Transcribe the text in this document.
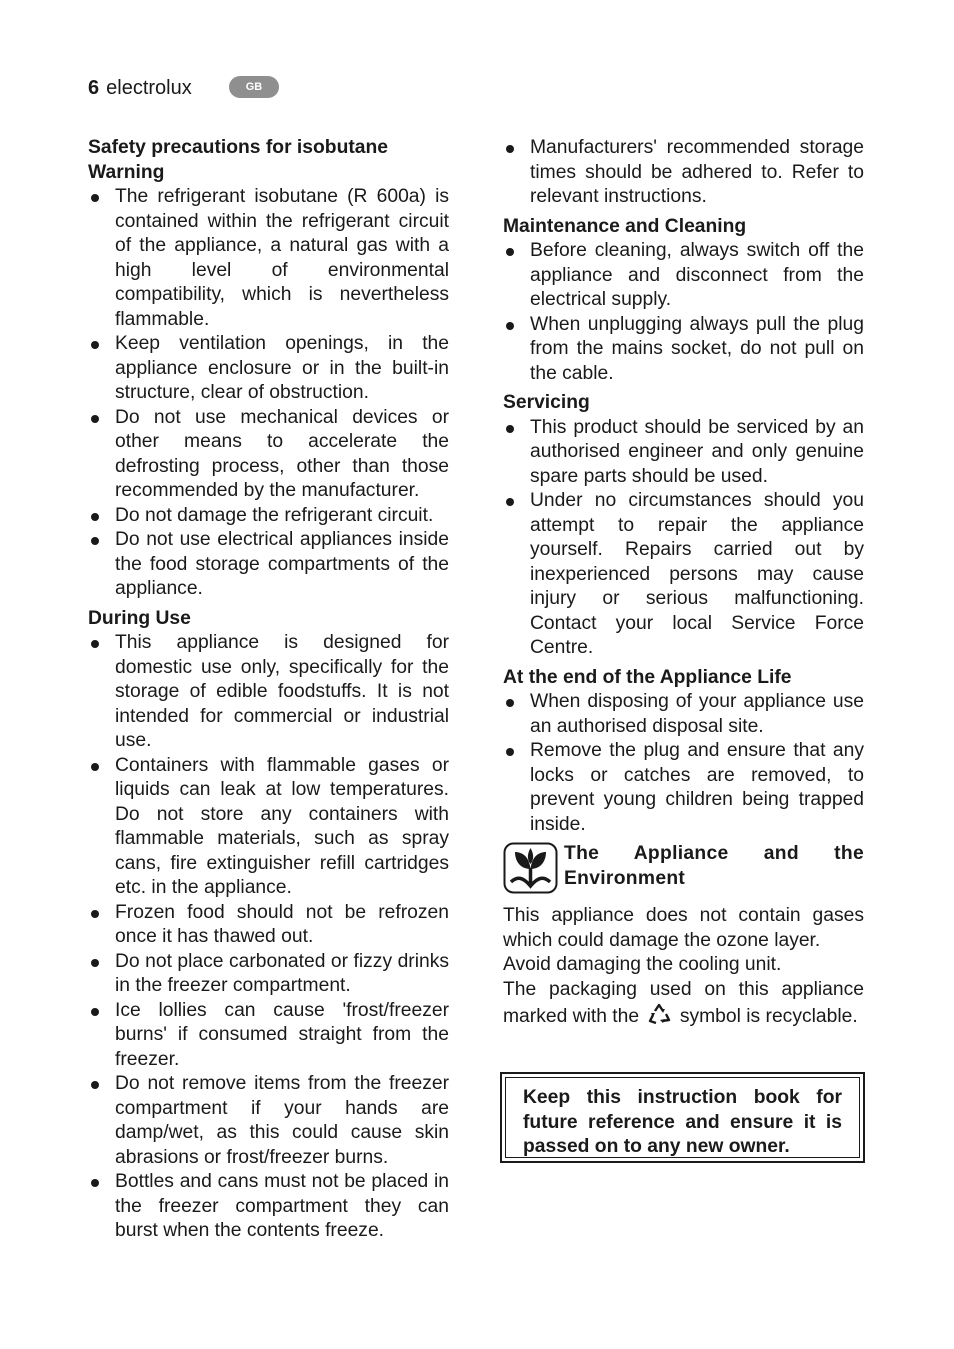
6 electrolux	GB
Safety precautions for isobutane
Warning
The refrigerant isobutane (R 600a) is contained within the refrigerant circuit of the appliance, a natural gas with a high level of environmental compatibility, which is nevertheless flammable.
Keep ventilation openings, in the appliance enclosure or in the built-in structure, clear of obstruction.
Do not use mechanical devices or other means to accelerate the defrosting process, other than those recommended by the manufacturer.
Do not damage the refrigerant circuit.
Do not use electrical appliances inside the food storage compartments of the appliance.
During Use
This appliance is designed for domestic use only, specifically for the storage of edible foodstuffs. It is not intended for commercial or industrial use.
Containers with flammable gases or liquids can leak at low temperatures. Do not store any containers with flammable materials, such as spray cans, fire extinguisher refill cartridges etc. in the appliance.
Frozen food should not be refrozen once it has thawed out.
Do not place carbonated or fizzy drinks in the freezer compartment.
Ice lollies can cause 'frost/freezer burns' if consumed straight from the freezer.
Do not remove items from the freezer compartment if your hands are damp/wet, as this could cause skin abrasions or frost/freezer burns.
Bottles and cans must not be placed in the freezer compartment they can burst when the contents freeze.
Manufacturers' recommended storage times should be adhered to. Refer to relevant instructions.
Maintenance and Cleaning
Before cleaning, always switch off the appliance and disconnect from the electrical supply.
When unplugging always pull the plug from the mains socket, do not pull on the cable.
Servicing
This product should be serviced by an authorised engineer and only genuine spare parts should be used.
Under no circumstances should you attempt to repair the appliance yourself. Repairs carried out by inexperienced persons may cause injury or serious malfunctioning. Contact your local Service Force Centre.
At the end of the Appliance Life
When disposing of your appliance use an authorised disposal site.
Remove the plug and ensure that any locks or catches are removed, to prevent young children being trapped inside.
The Appliance and the
Environment

This appliance does not contain gases which could damage the ozone layer.

Avoid damaging the cooling unit.

The packaging used on this appliance marked with the symbol is recyclable.

Keep this instruction book for future reference and ensure it is passed on to any new owner.
